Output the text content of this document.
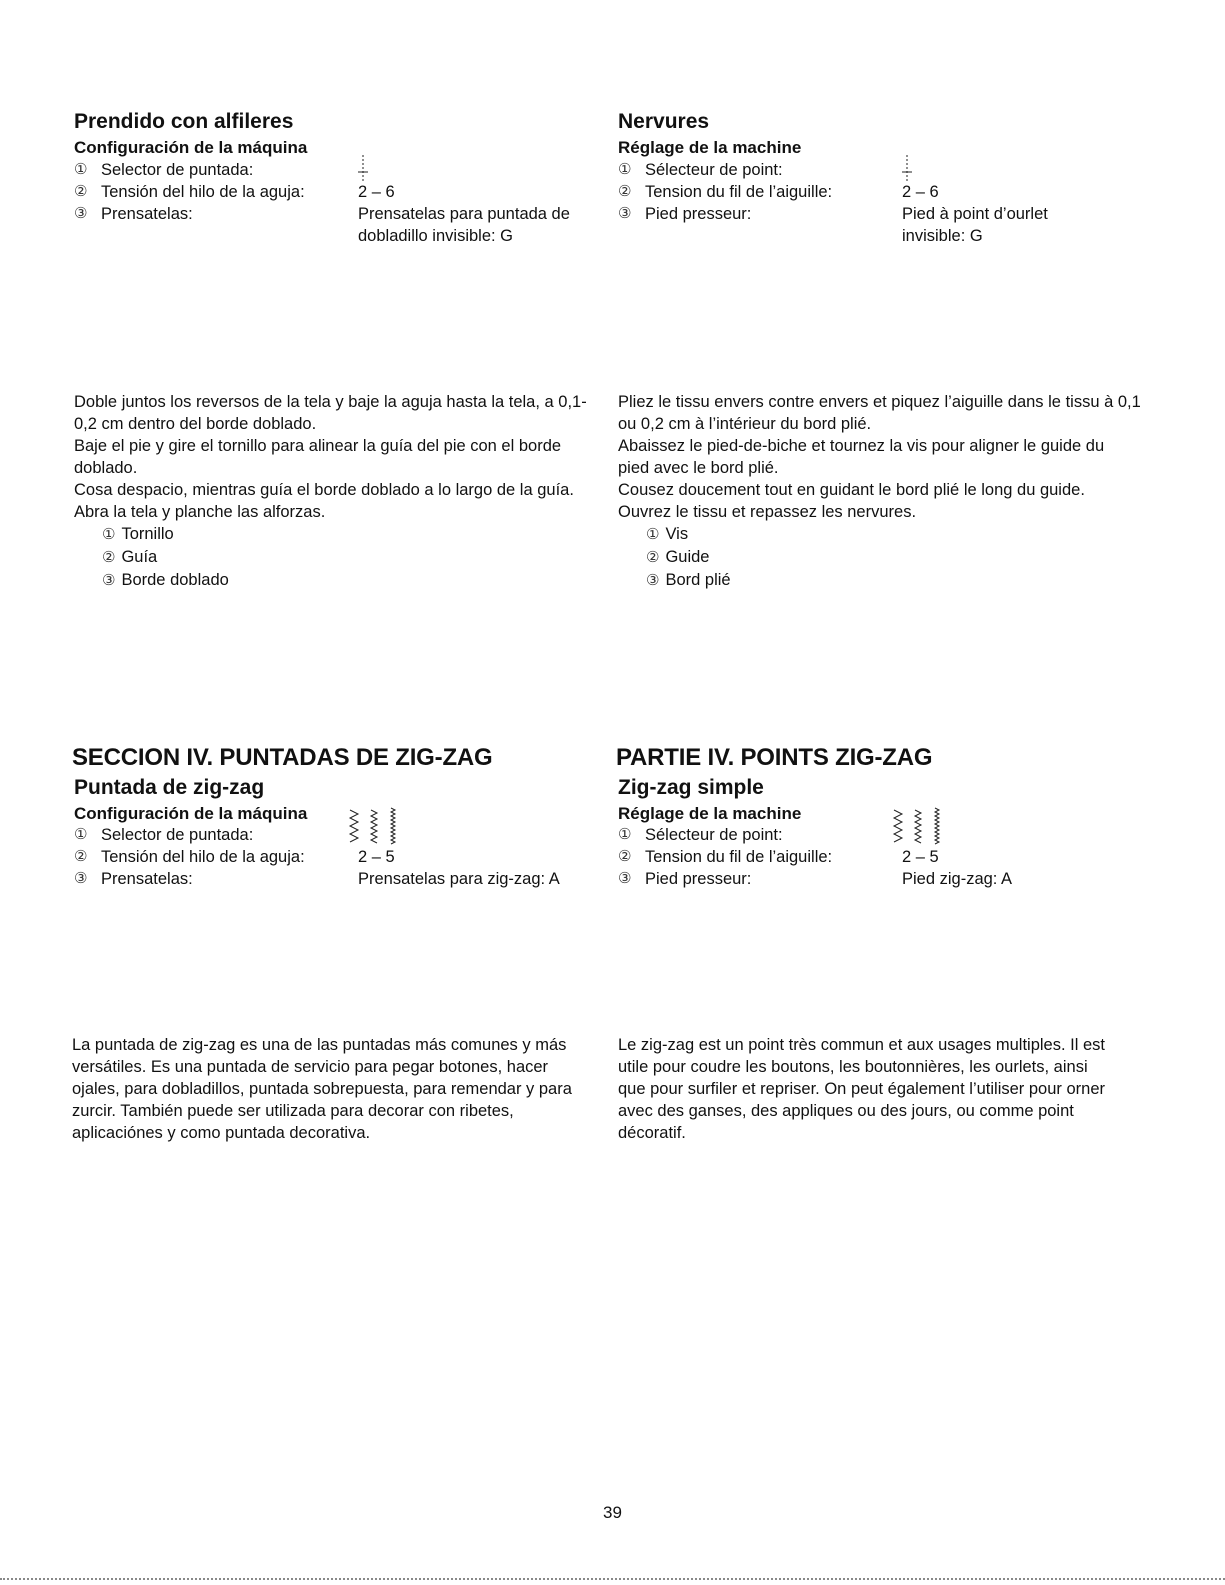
Prendido con alfileres
Configuración de la máquina
① Selector de puntada:
② Tensión del hilo de la aguja:	2 – 6
③ Prensatelas:	Prensatelas para puntada de dobladillo invisible: G
Nervures
Réglage de la machine
① Sélecteur de point:
② Tension du fil de l’aiguille:	2 – 6
③ Pied presseur:	Pied à point d’ourlet invisible: G

Doble juntos los reversos de la tela y baje la aguja hasta la tela, a 0,1-0,2 cm dentro del borde doblado.

Baje el pie y gire el tornillo para alinear la guía del pie con el borde doblado.

Cosa despacio, mientras guía el borde doblado a lo largo de la guía.

Abra la tela y planche las alforzas.

① Tornillo
② Guía
③ Borde doblado

Pliez le tissu envers contre envers et piquez l’aiguille dans le tissu à 0,1 ou 0,2 cm à l’intérieur du bord plié.

Abaissez le pied-de-biche et tournez la vis pour aligner le guide du pied avec le bord plié.

Cousez doucement tout en guidant le bord plié le long du guide.

Ouvrez le tissu et repassez les nervures.

① Vis
② Guide
③ Bord plié
SECCION IV. PUNTADAS DE ZIG-ZAG
Puntada de zig-zag
Configuración de la máquina
① Selector de puntada:
② Tensión del hilo de la aguja:	2 – 5
③ Prensatelas:	Prensatelas para zig-zag: A
PARTIE IV. POINTS ZIG-ZAG
Zig-zag simple
Réglage de la machine
① Sélecteur de point:
② Tension du fil de l’aiguille:	2 – 5
③ Pied presseur:	Pied zig-zag: A

La puntada de zig-zag es una de las puntadas más comunes y más versátiles. Es una puntada de servicio para pegar botones, hacer ojales, para dobladillos, puntada sobrepuesta, para remendar y para zurcir. También puede ser utilizada para decorar con ribetes, aplicaciónes y como puntada decorativa.

Le zig-zag est un point très commun et aux usages multiples. Il est utile pour coudre les boutons, les boutonnières, les ourlets, ainsi que pour surfiler et repriser. On peut également l’utiliser pour orner avec des ganses, des appliques ou des jours, ou comme point décoratif.

39
